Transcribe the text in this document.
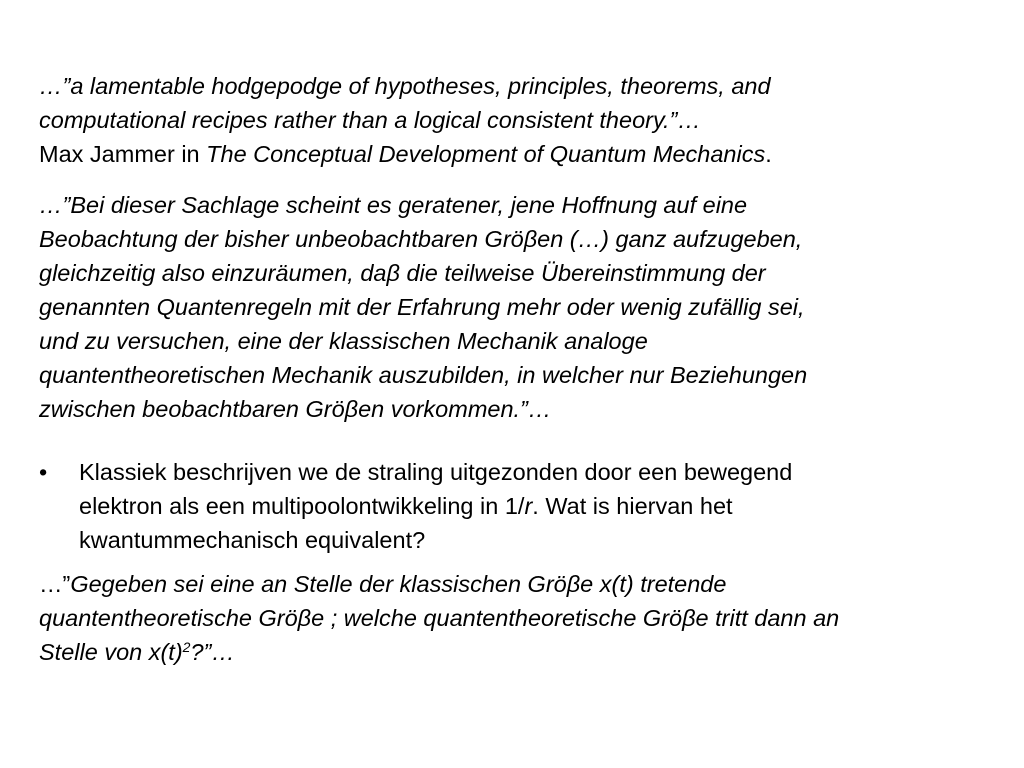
…”a lamentable hodgepodge of hypotheses, principles, theorems, and
computational recipes rather than a logical consistent theory.”…
Max Jammer in The Conceptual Development of Quantum Mechanics.
…”Bei dieser Sachlage scheint es geratener, jene Hoffnung auf eine
Beobachtung der bisher unbeobachtbaren Gröβen (…) ganz aufzugeben,
gleichzeitig also einzuräumen, daβ die teilweise Übereinstimmung der
genannten Quantenregeln mit der Erfahrung mehr oder wenig zufällig sei,
und zu versuchen, eine der klassischen Mechanik analoge
quantentheoretischen Mechanik auszubilden, in welcher nur Beziehungen
zwischen beobachtbaren Gröβen vorkommen.”…
• Klassiek beschrijven we de straling uitgezonden door een bewegend
elektron als een multipoolontwikkeling in 1/r. Wat is hiervan het
kwantummechanisch equivalent?
…”Gegeben sei eine an Stelle der klassischen Gröβe x(t) tretende
quantentheoretische Gröβe ; welche quantentheoretische Gröβe tritt dann an
Stelle von $x(t)^2?”\dots$
